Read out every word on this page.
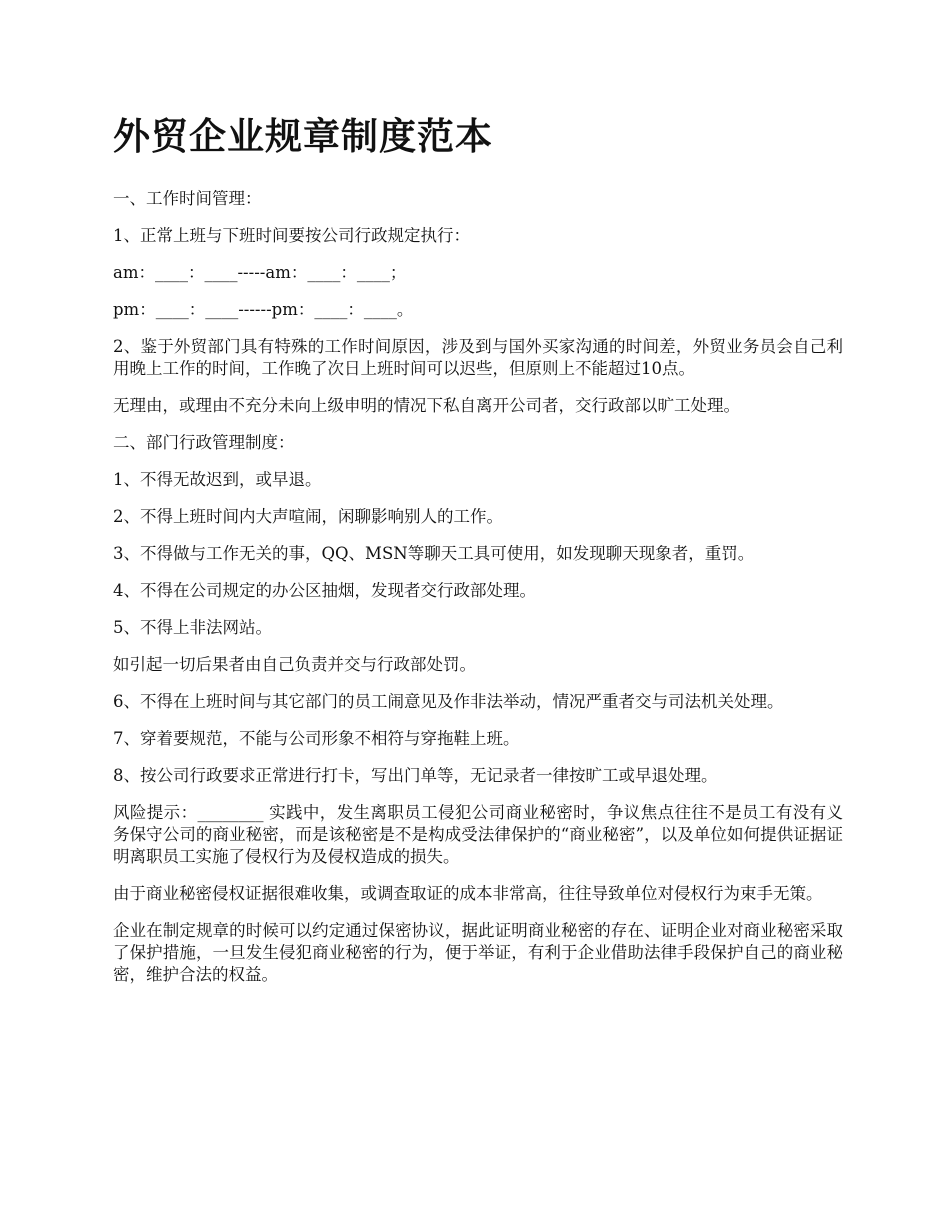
外贸企业规章制度范本

一、工作时间管理：

1、正常上班与下班时间要按公司行政规定执行：

am：____：____-----am：____：____；

pm：____：____------pm：____：____。

2、鉴于外贸部门具有特殊的工作时间原因，涉及到与国外买家沟通的时间差，外贸业务员会自己利用晚上工作的时间，工作晚了次日上班时间可以迟些，但原则上不能超过10点。

无理由，或理由不充分未向上级申明的情况下私自离开公司者，交行政部以旷工处理。

二、部门行政管理制度：

1、不得无故迟到，或早退。

2、不得上班时间内大声喧闹，闲聊影响别人的工作。

3、不得做与工作无关的事，QQ、MSN等聊天工具可使用，如发现聊天现象者，重罚。

4、不得在公司规定的办公区抽烟，发现者交行政部处理。

5、不得上非法网站。

如引起一切后果者由自己负责并交与行政部处罚。

6、不得在上班时间与其它部门的员工闹意见及作非法举动，情况严重者交与司法机关处理。

7、穿着要规范，不能与公司形象不相符与穿拖鞋上班。

8、按公司行政要求正常进行打卡，写出门单等，无记录者一律按旷工或早退处理。

风险提示：________ 实践中，发生离职员工侵犯公司商业秘密时，争议焦点往往不是员工有没有义务保守公司的商业秘密，而是该秘密是不是构成受法律保护的“商业秘密”，以及单位如何提供证据证明离职员工实施了侵权行为及侵权造成的损失。

由于商业秘密侵权证据很难收集，或调查取证的成本非常高，往往导致单位对侵权行为束手无策。

企业在制定规章的时候可以约定通过保密协议，据此证明商业秘密的存在、证明企业对商业秘密采取了保护措施，一旦发生侵犯商业秘密的行为，便于举证，有利于企业借助法律手段保护自己的商业秘密，维护合法的权益。
